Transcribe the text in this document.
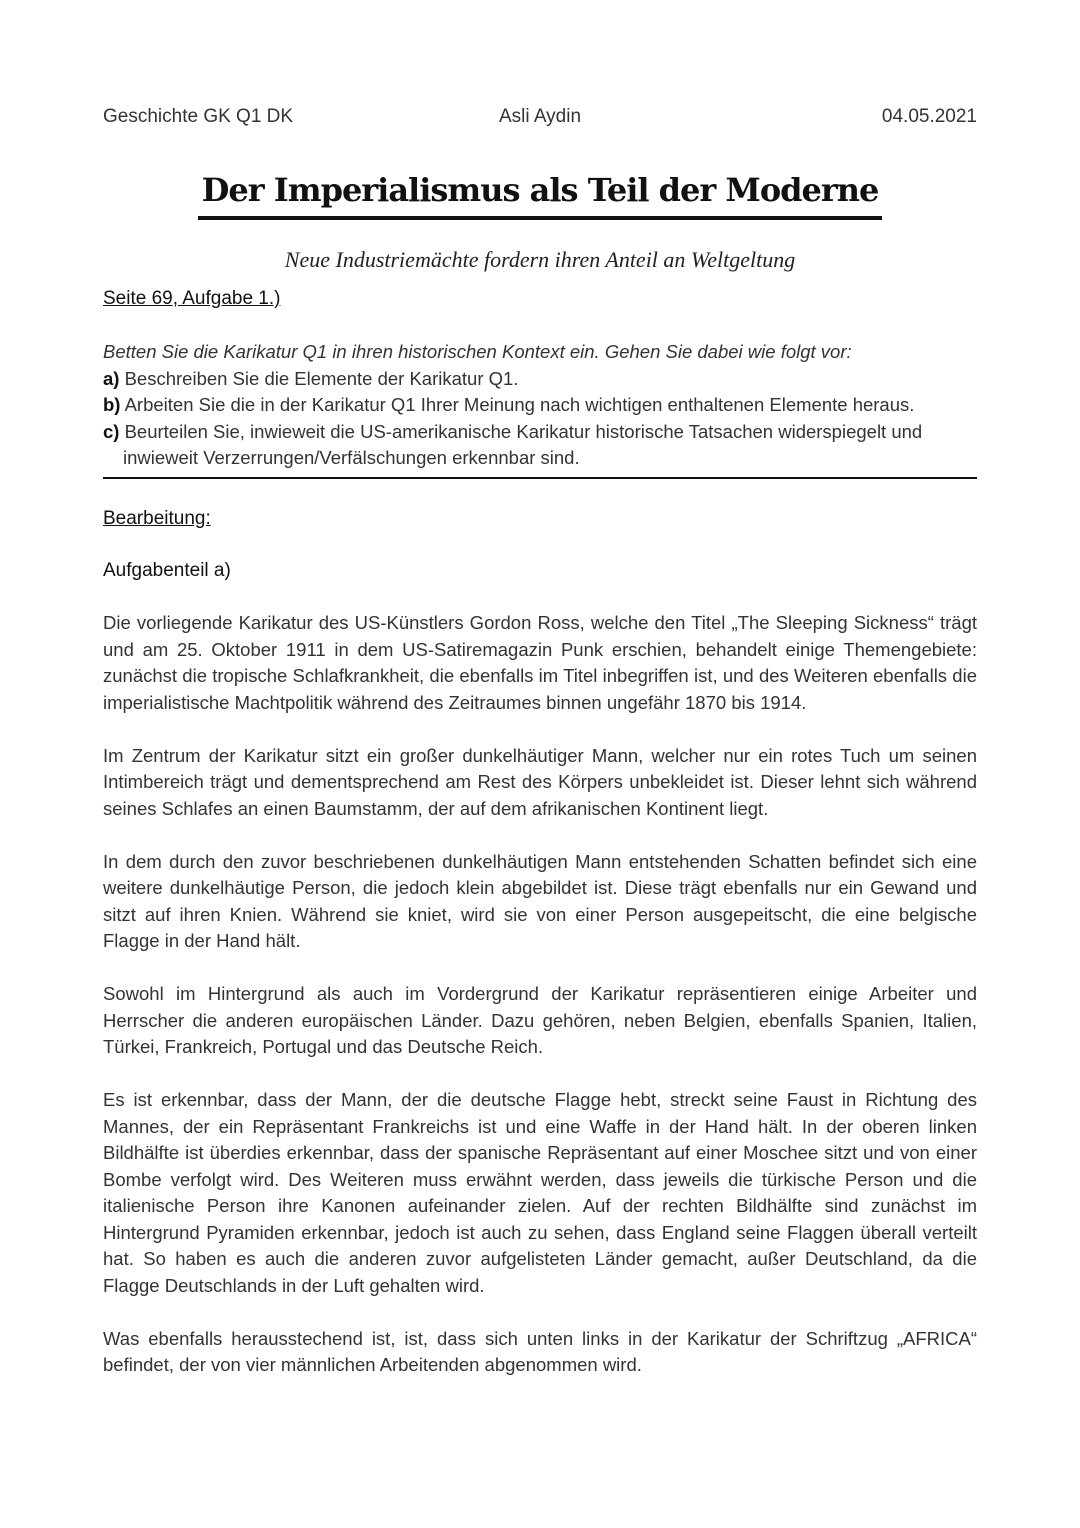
Geschichte GK Q1 DK	Asli Aydin	04.05.2021
Der Imperialismus als Teil der Moderne
Neue Industriemächte fordern ihren Anteil an Weltgeltung
Seite 69, Aufgabe 1.)
Betten Sie die Karikatur Q1 in ihren historischen Kontext ein. Gehen Sie dabei wie folgt vor:
a) Beschreiben Sie die Elemente der Karikatur Q1.
b) Arbeiten Sie die in der Karikatur Q1 Ihrer Meinung nach wichtigen enthaltenen Elemente heraus.
c) Beurteilen Sie, inwieweit die US-amerikanische Karikatur historische Tatsachen widerspiegelt und inwieweit Verzerrungen/Verfälschungen erkennbar sind.
Bearbeitung:
Aufgabenteil a)

Die vorliegende Karikatur des US-Künstlers Gordon Ross, welche den Titel „The Sleeping Sickness“ trägt und am 25. Oktober 1911 in dem US-Satiremagazin Punk erschien, behandelt einige Themengebiete: zunächst die tropische Schlafkrankheit, die ebenfalls im Titel inbegriffen ist, und des Weiteren ebenfalls die imperialistische Machtpolitik während des Zeitraumes binnen ungefähr 1870 bis 1914.

Im Zentrum der Karikatur sitzt ein großer dunkelhäutiger Mann, welcher nur ein rotes Tuch um seinen Intimbereich trägt und dementsprechend am Rest des Körpers unbekleidet ist. Dieser lehnt sich während seines Schlafes an einen Baumstamm, der auf dem afrikanischen Kontinent liegt.

In dem durch den zuvor beschriebenen dunkelhäutigen Mann entstehenden Schatten befindet sich eine weitere dunkelhäutige Person, die jedoch klein abgebildet ist. Diese trägt ebenfalls nur ein Gewand und sitzt auf ihren Knien. Während sie kniet, wird sie von einer Person ausgepeitscht, die eine belgische Flagge in der Hand hält.

Sowohl im Hintergrund als auch im Vordergrund der Karikatur repräsentieren einige Arbeiter und Herrscher die anderen europäischen Länder. Dazu gehören, neben Belgien, ebenfalls Spanien, Italien, Türkei, Frankreich, Portugal und das Deutsche Reich.

Es ist erkennbar, dass der Mann, der die deutsche Flagge hebt, streckt seine Faust in Richtung des Mannes, der ein Repräsentant Frankreichs ist und eine Waffe in der Hand hält. In der oberen linken Bildhälfte ist überdies erkennbar, dass der spanische Repräsentant auf einer Moschee sitzt und von einer Bombe verfolgt wird. Des Weiteren muss erwähnt werden, dass jeweils die türkische Person und die italienische Person ihre Kanonen aufeinander zielen. Auf der rechten Bildhälfte sind zunächst im Hintergrund Pyramiden erkennbar, jedoch ist auch zu sehen, dass England seine Flaggen überall verteilt hat. So haben es auch die anderen zuvor aufgelisteten Länder gemacht, außer Deutschland, da die Flagge Deutschlands in der Luft gehalten wird.

Was ebenfalls herausstechend ist, ist, dass sich unten links in der Karikatur der Schriftzug „AFRICA“ befindet, der von vier männlichen Arbeitenden abgenommen wird.
